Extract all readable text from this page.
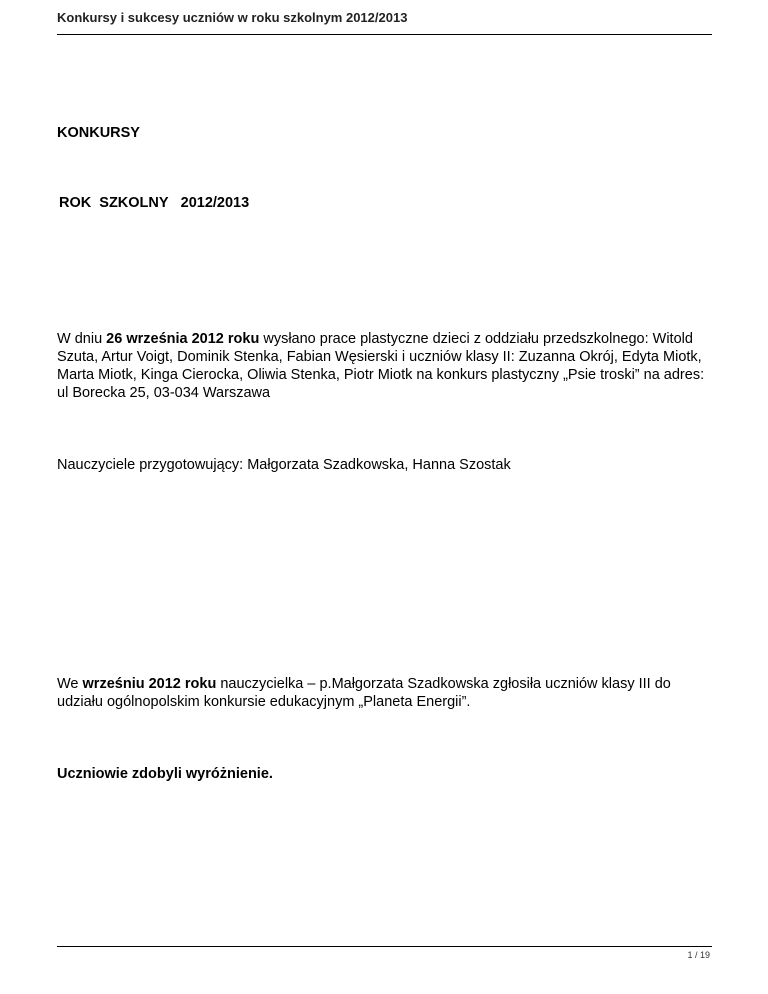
Konkursy i sukcesy uczniów w roku szkolnym 2012/2013
KONKURSY
ROK  SZKOLNY   2012/2013
W dniu 26 września 2012 roku wysłano prace plastyczne dzieci z oddziału przedszkolnego: Witold Szuta, Artur Voigt, Dominik Stenka, Fabian Węsierski i uczniów klasy II: Zuzanna Okrój, Edyta Miotk, Marta Miotk, Kinga Cierocka, Oliwia Stenka, Piotr Miotk na konkurs plastyczny „Psie troski” na adres: ul Borecka 25, 03-034 Warszawa
Nauczyciele przygotowujący: Małgorzata Szadkowska, Hanna Szostak
We wrześniu 2012 roku nauczycielka – p.Małgorzata Szadkowska zgłosiła uczniów klasy III do udziału ogólnopolskim konkursie edukacyjnym „Planeta Energii”.
Uczniowie zdobyli wyróżnienie.
1 / 19
